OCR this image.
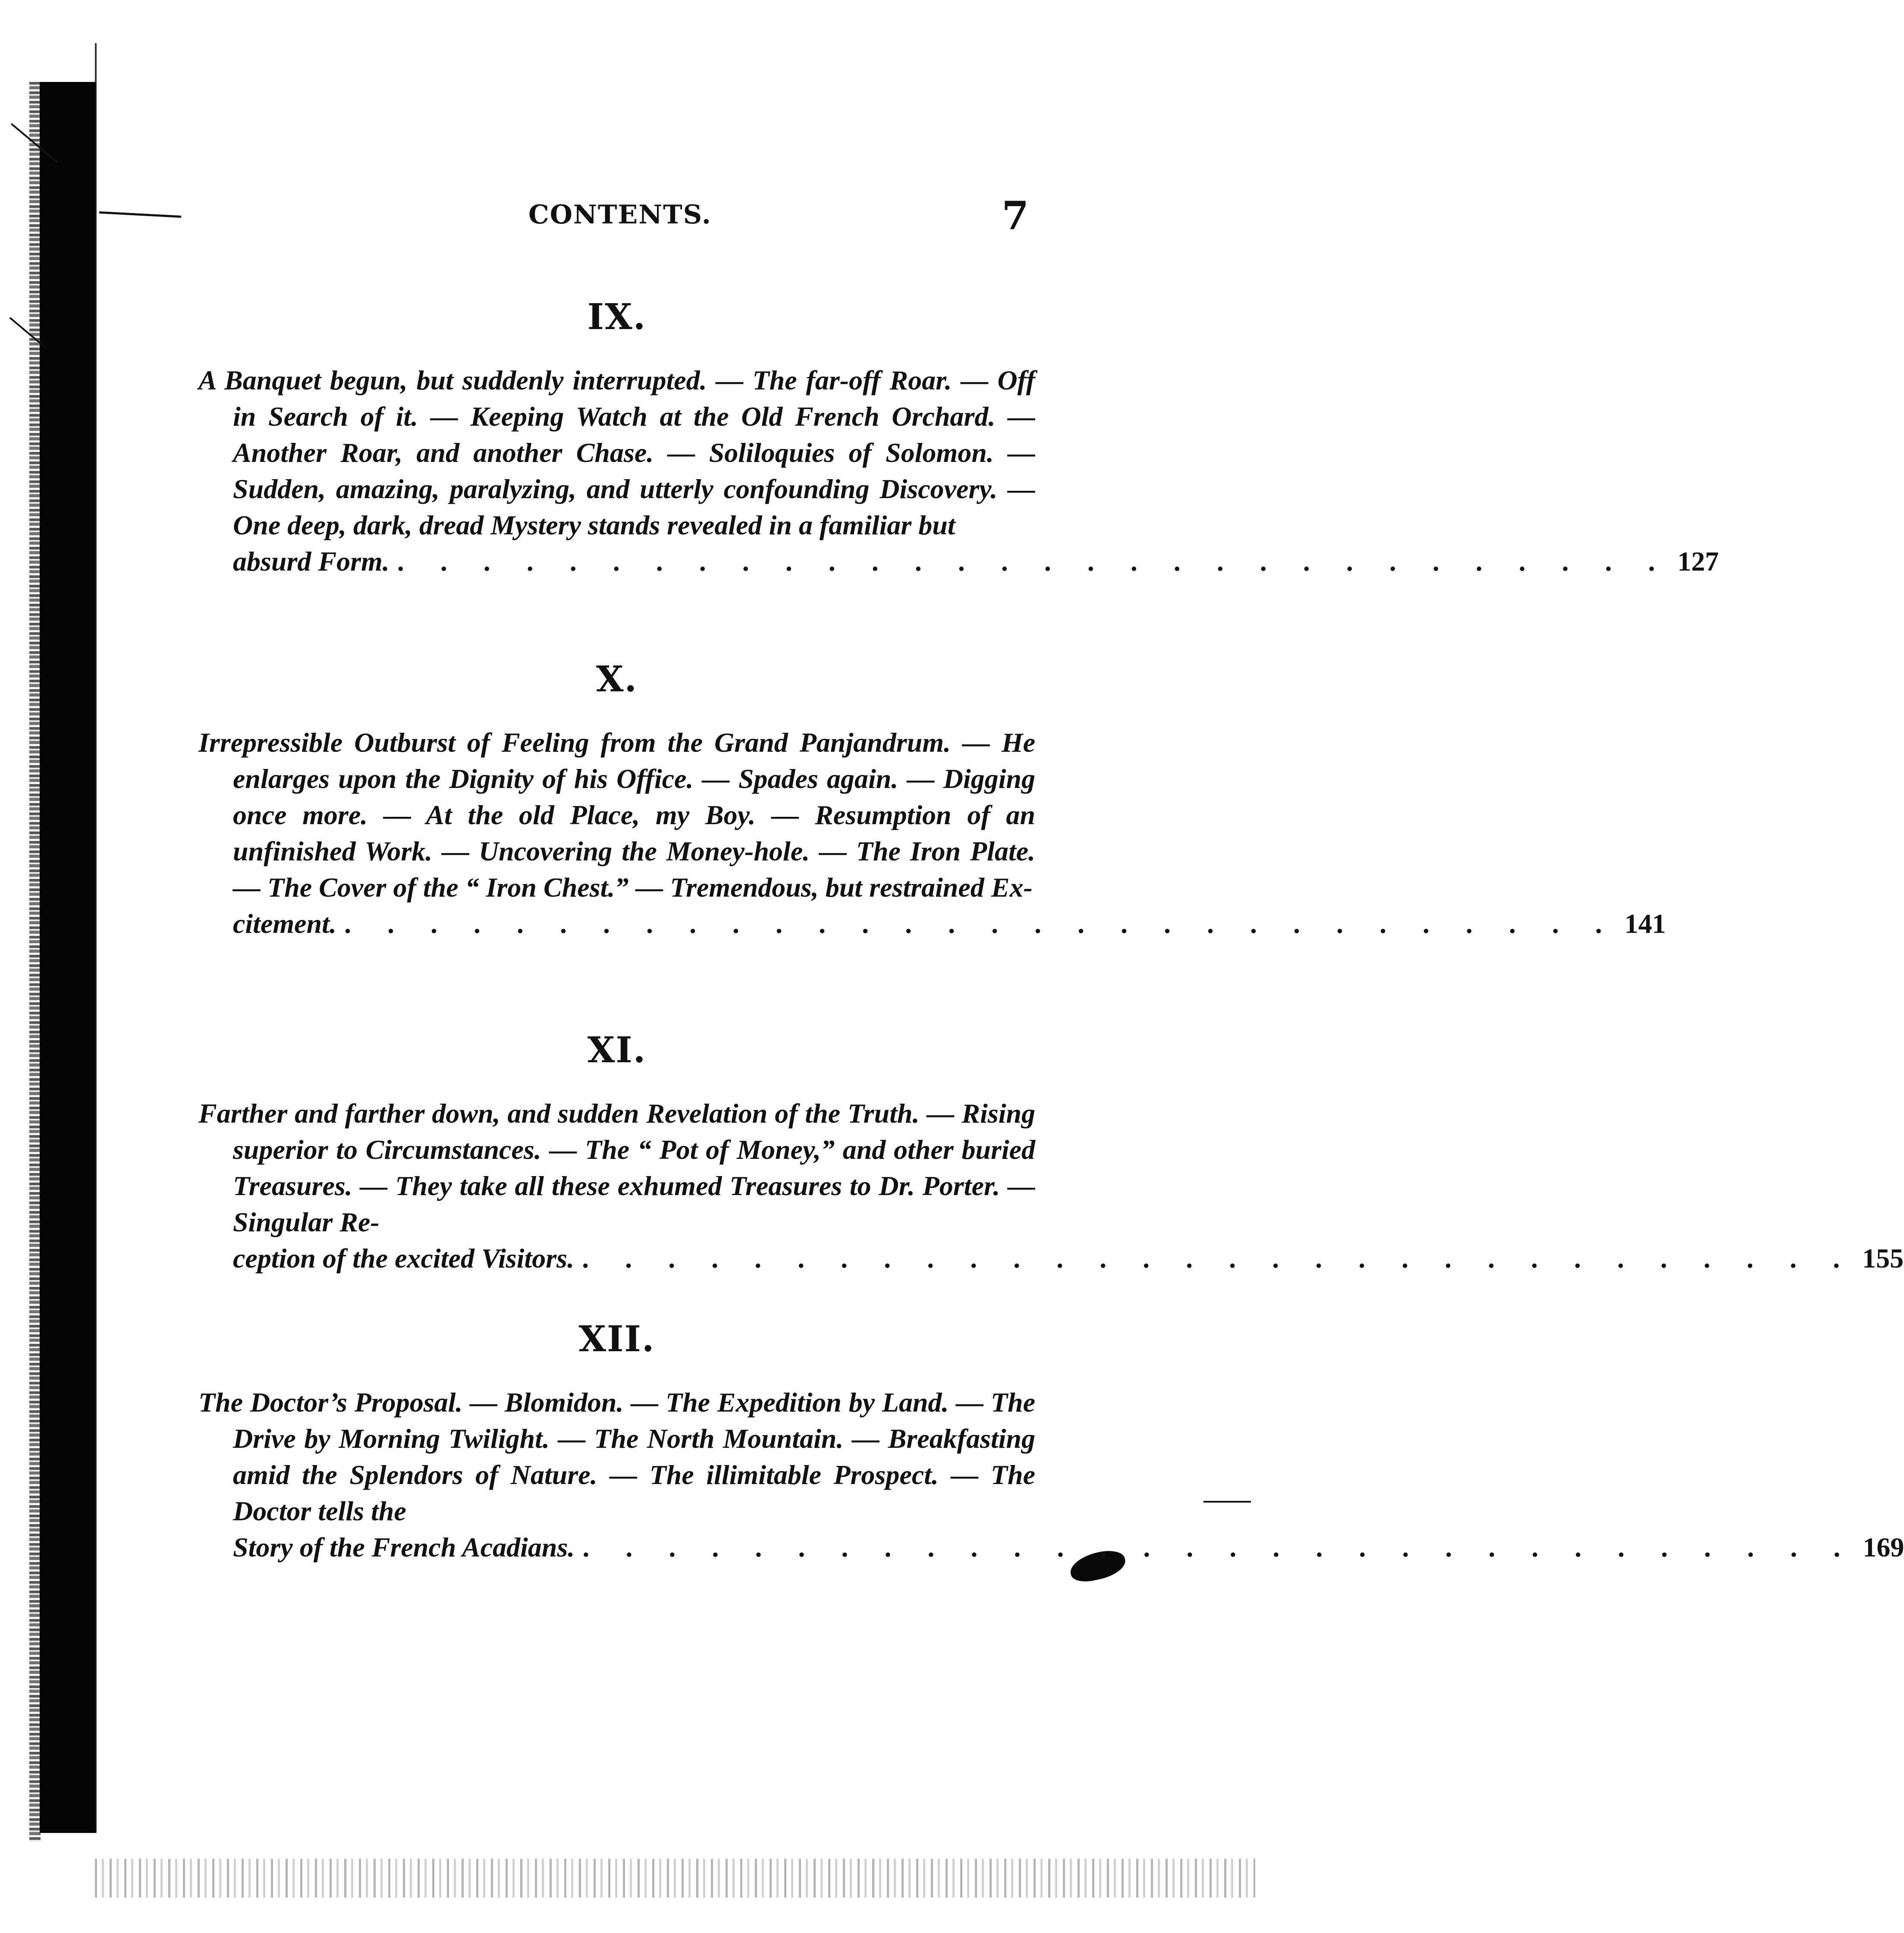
CONTENTS.	7
IX.

A Banquet begun, but suddenly interrupted. — The far-off Roar. — Off in Search of it. — Keeping Watch at the Old French Orchard. — Another Roar, and another Chase. — Soliloquies of Solomon. — Sudden, amazing, paralyzing, and utterly confounding Discovery. — One deep, dark, dread Mystery stands revealed in a familiar but

absurd Form. . . . . . . . . . . . . . . . . . . . . . . . . . . . . . . 127
X.

Irrepressible Outburst of Feeling from the Grand Panjandrum. — He enlarges upon the Dignity of his Office. — Spades again. — Digging once more. — At the old Place, my Boy. — Resumption of an unfinished Work. — Uncovering the Money-hole. — The Iron Plate. — The Cover of the “ Iron Chest.” — Tremendous, but restrained Ex-

citement. . . . . . . . . . . . . . . . . . . . . . . . . . . . . . . 141
XI.

Farther and farther down, and sudden Revelation of the Truth. — Rising superior to Circumstances. — The “ Pot of Money,” and other buried Treasures. — They take all these exhumed Treasures to Dr. Porter. — Singular Re-

ception of the excited Visitors. . . . . . . . . . . . . . . . . . . . . . . . . . . . . . . 155
XII.

The Doctor’s Proposal. — Blomidon. — The Expedition by Land. — The Drive by Morning Twilight. — The North Mountain. — Breakfasting amid the Splendors of Nature. — The illimitable Prospect. — The Doctor tells the

Story of the French Acadians. . . . . . . . . . . . . . . . . . . . . . . . . . . . . . . 169
